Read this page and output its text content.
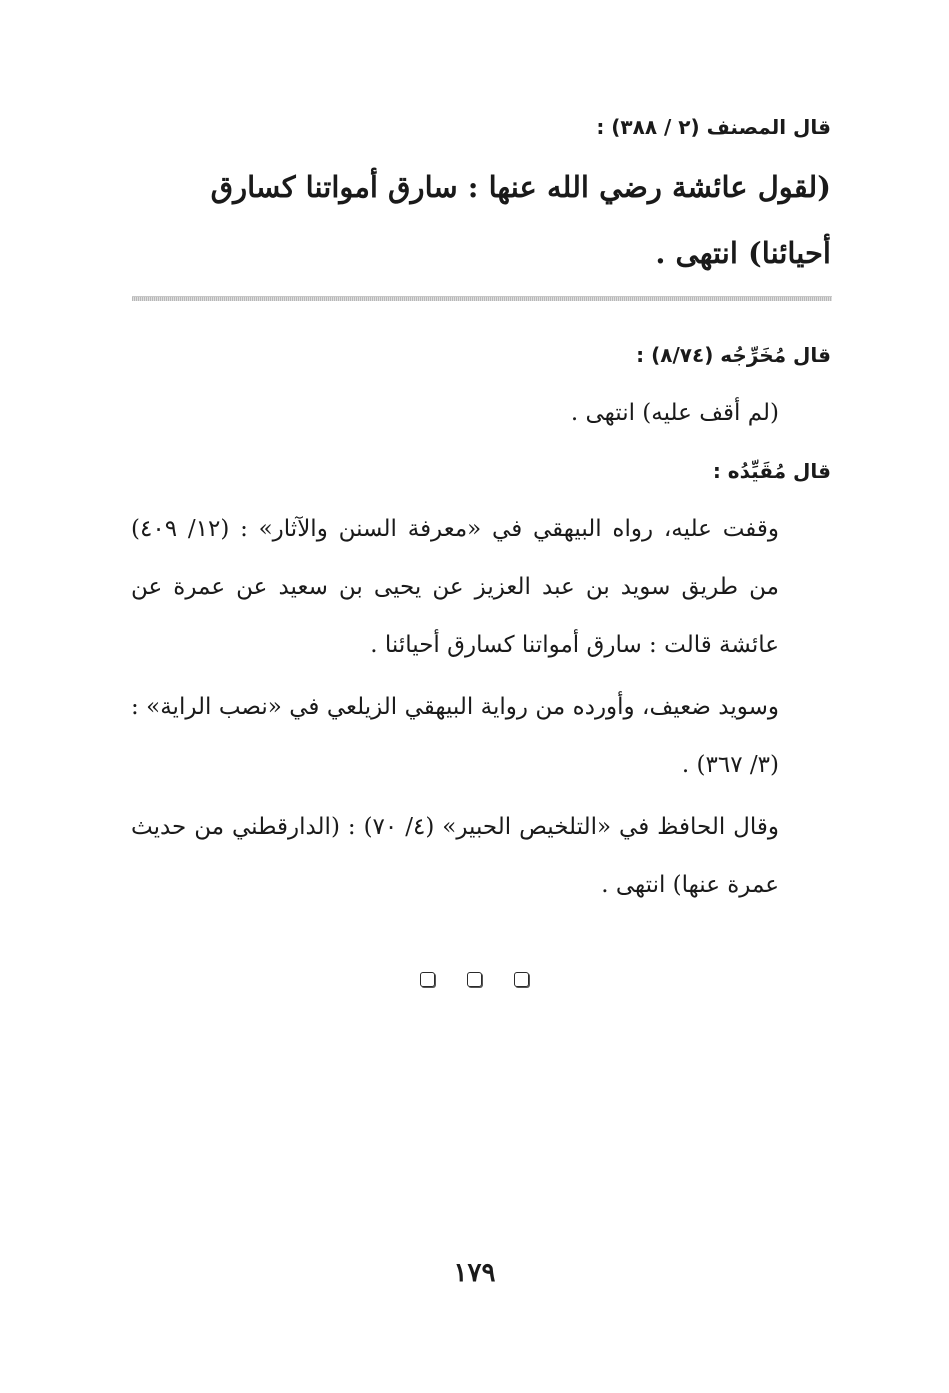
قال المصنف (٢ / ٣٨٨) :

(لقول عائشة رضي الله عنها : سارق أمواتنا كسارق

أحيائنا) انتهى .

قال مُخَرِّجُه (٨/٧٤) :

(لم أقف عليه) انتهى .

قال مُقَيِّدُه :

وقفت عليه، رواه البيهقي في «معرفة السنن والآثار» : (١٢/ ٤٠٩) من طريق سويد بن عبد العزيز عن يحيى بن سعيد عن عمرة عن عائشة قالت : سارق أمواتنا كسارق أحيائنا .

وسويد ضعيف، وأورده من رواية البيهقي الزيلعي في «نصب الراية» : (٣/ ٣٦٧) .

وقال الحافظ في «التلخيص الحبير» (٤/ ٧٠) : (الدارقطني من حديث عمرة عنها) انتهى .

١٧٩
